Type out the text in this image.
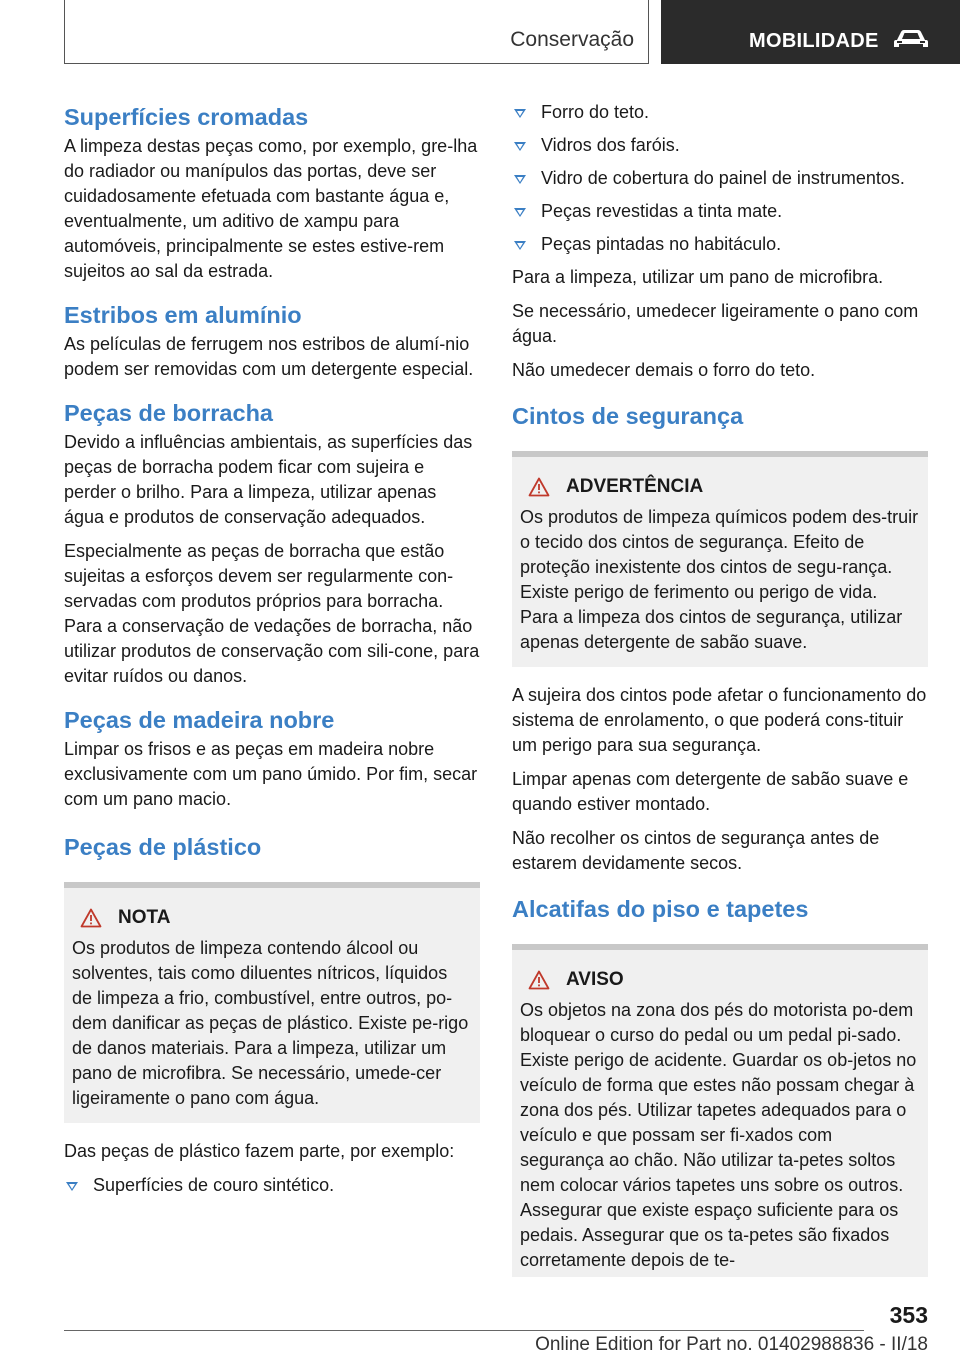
Conservação	MOBILIDADE
Superfícies cromadas

A limpeza destas peças como, por exemplo, gre-lha do radiador ou manípulos das portas, deve ser cuidadosamente efetuada com bastante água e, eventualmente, um aditivo de xampu para automóveis, principalmente se estes estive-rem sujeitos ao sal da estrada.

Estribos em alumínio

As películas de ferrugem nos estribos de alumí-nio podem ser removidas com um detergente especial.

Peças de borracha

Devido a influências ambientais, as superfícies das peças de borracha podem ficar com sujeira e perder o brilho. Para a limpeza, utilizar apenas água e produtos de conservação adequados.

Especialmente as peças de borracha que estão sujeitas a esforços devem ser regularmente con-servadas com produtos próprios para borracha. Para a conservação de vedações de borracha, não utilizar produtos de conservação com sili-cone, para evitar ruídos ou danos.

Peças de madeira nobre

Limpar os frisos e as peças em madeira nobre exclusivamente com um pano úmido. Por fim, secar com um pano macio.

Peças de plástico
NOTA

Os produtos de limpeza contendo álcool ou solventes, tais como diluentes nítricos, líquidos de limpeza a frio, combustível, entre outros, po-dem danificar as peças de plástico. Existe pe-rigo de danos materiais. Para a limpeza, utilizar um pano de microfibra. Se necessário, umede-cer ligeiramente o pano com água.

Das peças de plástico fazem parte, por exemplo:

Superfícies de couro sintético.
Forro do teto.
Vidros dos faróis.
Vidro de cobertura do painel de instrumentos.
Peças revestidas a tinta mate.
Peças pintadas no habitáculo.

Para a limpeza, utilizar um pano de microfibra.

Se necessário, umedecer ligeiramente o pano com água.

Não umedecer demais o forro do teto.

Cintos de segurança
ADVERTÊNCIA

Os produtos de limpeza químicos podem des-truir o tecido dos cintos de segurança. Efeito de proteção inexistente dos cintos de segu-rança. Existe perigo de ferimento ou perigo de vida. Para a limpeza dos cintos de segurança, utilizar apenas detergente de sabão suave.

A sujeira dos cintos pode afetar o funcionamento do sistema de enrolamento, o que poderá cons-tituir um perigo para sua segurança.

Limpar apenas com detergente de sabão suave e quando estiver montado.

Não recolher os cintos de segurança antes de estarem devidamente secos.

Alcatifas do piso e tapetes
AVISO

Os objetos na zona dos pés do motorista po-dem bloquear o curso do pedal ou um pedal pi-sado. Existe perigo de acidente. Guardar os ob-jetos no veículo de forma que estes não possam chegar à zona dos pés. Utilizar tapetes adequados para o veículo e que possam ser fi-xados com segurança ao chão. Não utilizar ta-petes soltos nem colocar vários tapetes uns sobre os outros. Assegurar que existe espaço suficiente para os pedais. Assegurar que os ta-petes são fixados corretamente depois de te-

353
Online Edition for Part no. 01402988836 - II/18
